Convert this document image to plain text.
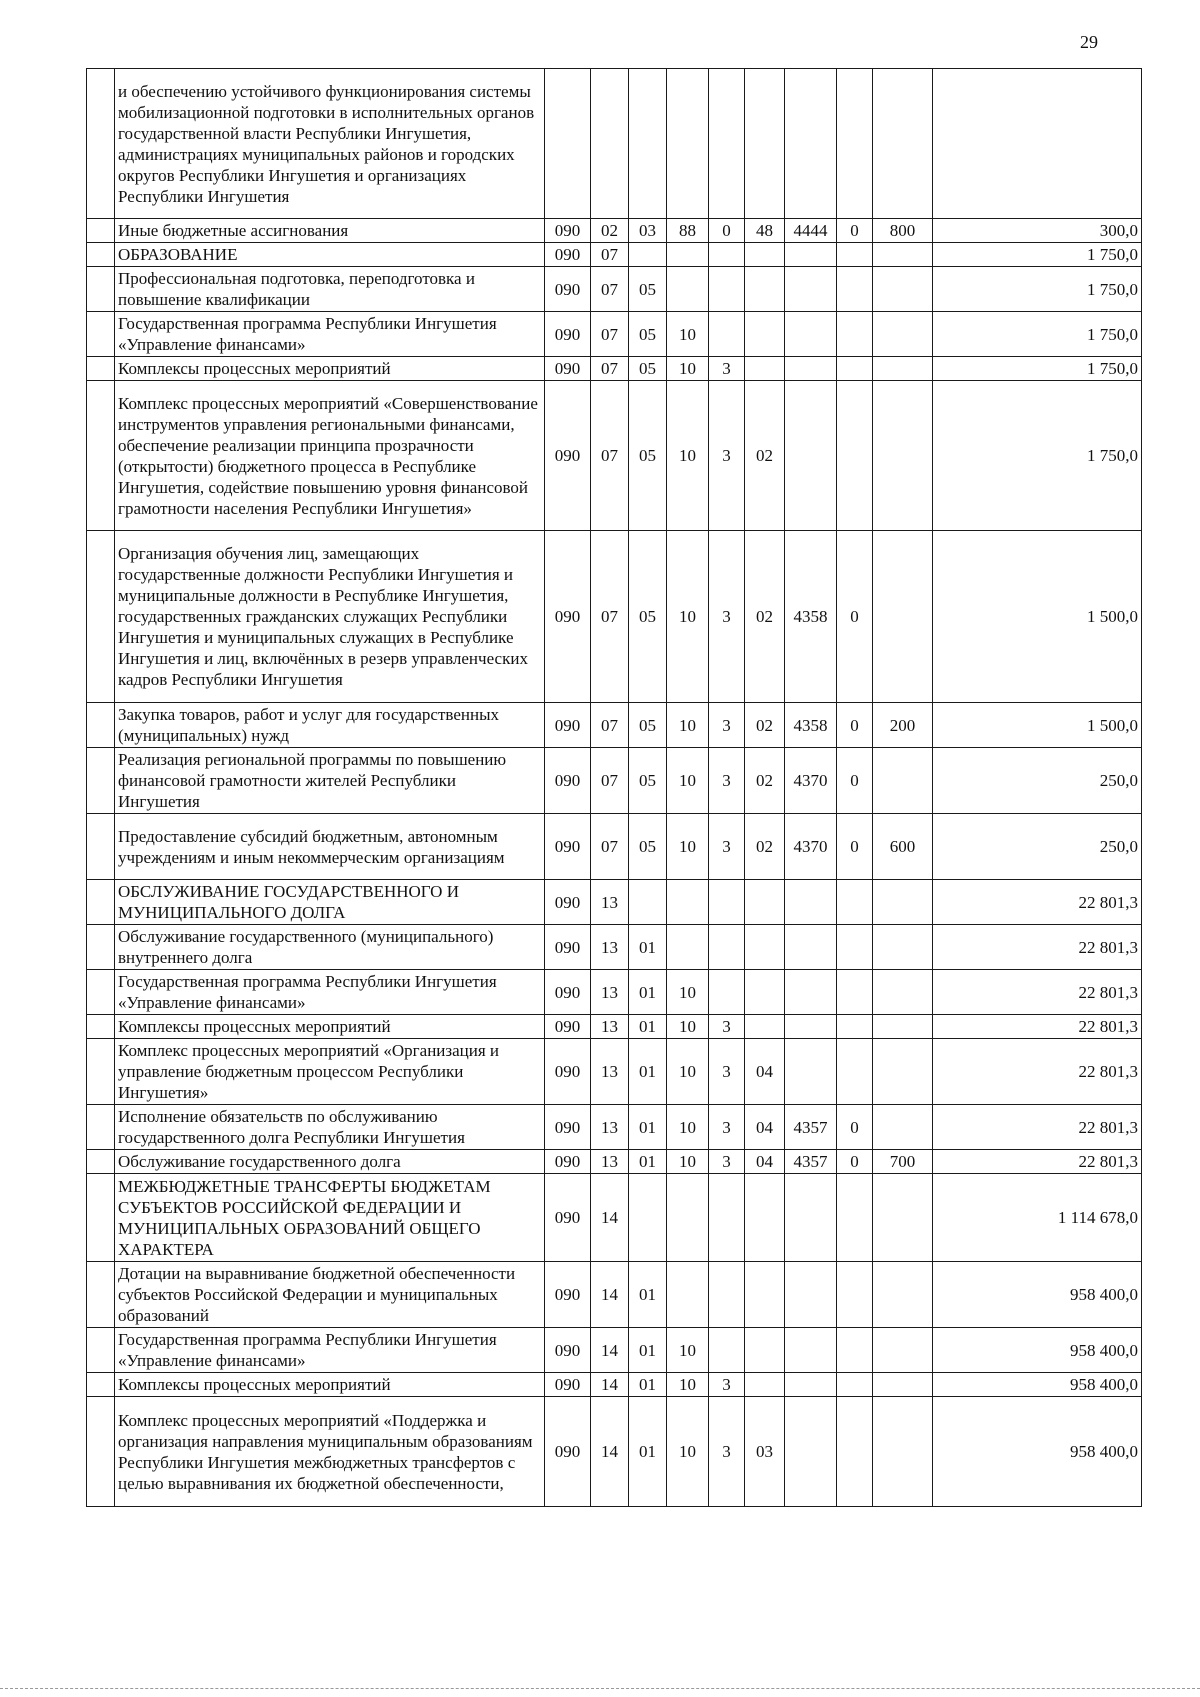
29
	и обеспечению устойчивого функционирования системы мобилизационной подготовки в исполнительных органов государственной власти Республики Ингушетия, администрациях муниципальных районов и городских округов Республики Ингушетия и организациях Республики Ингушетия										
	Иные бюджетные ассигнования	090	02	03	88	0	48	4444	0	800	300,0
	ОБРАЗОВАНИЕ	090	07								1 750,0
	Профессиональная подготовка, переподготовка и повышение квалификации	090	07	05							1 750,0
	Государственная программа Республики Ингушетия «Управление финансами»	090	07	05	10						1 750,0
	Комплексы процессных мероприятий	090	07	05	10	3					1 750,0
	Комплекс процессных мероприятий «Совершенствование инструментов управления региональными финансами, обеспечение реализации принципа прозрачности (открытости) бюджетного процесса в Республике Ингушетия, содействие повышению уровня финансовой грамотности населения Республики Ингушетия»	090	07	05	10	3	02				1 750,0
	Организация обучения лиц, замещающих государственные должности Республики Ингушетия и муниципальные должности в Республике Ингушетия, государственных гражданских служащих Республики Ингушетия и муниципальных служащих в Республике Ингушетия и лиц, включённых в резерв управленческих кадров Республики Ингушетия	090	07	05	10	3	02	4358	0		1 500,0
	Закупка товаров, работ и услуг для государственных (муниципальных) нужд	090	07	05	10	3	02	4358	0	200	1 500,0
	Реализация региональной программы по повышению финансовой грамотности жителей Республики Ингушетия	090	07	05	10	3	02	4370	0		250,0
	Предоставление субсидий бюджетным, автономным учреждениям и иным некоммерческим организациям	090	07	05	10	3	02	4370	0	600	250,0
	ОБСЛУЖИВАНИЕ ГОСУДАРСТВЕННОГО И МУНИЦИПАЛЬНОГО ДОЛГА	090	13								22 801,3
	Обслуживание государственного (муниципального) внутреннего долга	090	13	01							22 801,3
	Государственная программа Республики Ингушетия «Управление финансами»	090	13	01	10						22 801,3
	Комплексы процессных мероприятий	090	13	01	10	3					22 801,3
	Комплекс процессных мероприятий «Организация и управление бюджетным процессом Республики Ингушетия»	090	13	01	10	3	04				22 801,3
	Исполнение обязательств по обслуживанию государственного долга Республики Ингушетия	090	13	01	10	3	04	4357	0		22 801,3
	Обслуживание государственного долга	090	13	01	10	3	04	4357	0	700	22 801,3
	МЕЖБЮДЖЕТНЫЕ ТРАНСФЕРТЫ БЮДЖЕТАМ СУБЪЕКТОВ РОССИЙСКОЙ ФЕДЕРАЦИИ И МУНИЦИПАЛЬНЫХ ОБРАЗОВАНИЙ ОБЩЕГО ХАРАКТЕРА	090	14								1 114 678,0
	Дотации на выравнивание бюджетной обеспеченности субъектов Российской Федерации и муниципальных образований	090	14	01							958 400,0
	Государственная программа Республики Ингушетия «Управление финансами»	090	14	01	10						958 400,0
	Комплексы процессных мероприятий	090	14	01	10	3					958 400,0
	Комплекс процессных мероприятий «Поддержка и организация направления муниципальным образованиям Республики Ингушетия межбюджетных трансфертов с целью выравнивания их бюджетной обеспеченности,	090	14	01	10	3	03				958 400,0
